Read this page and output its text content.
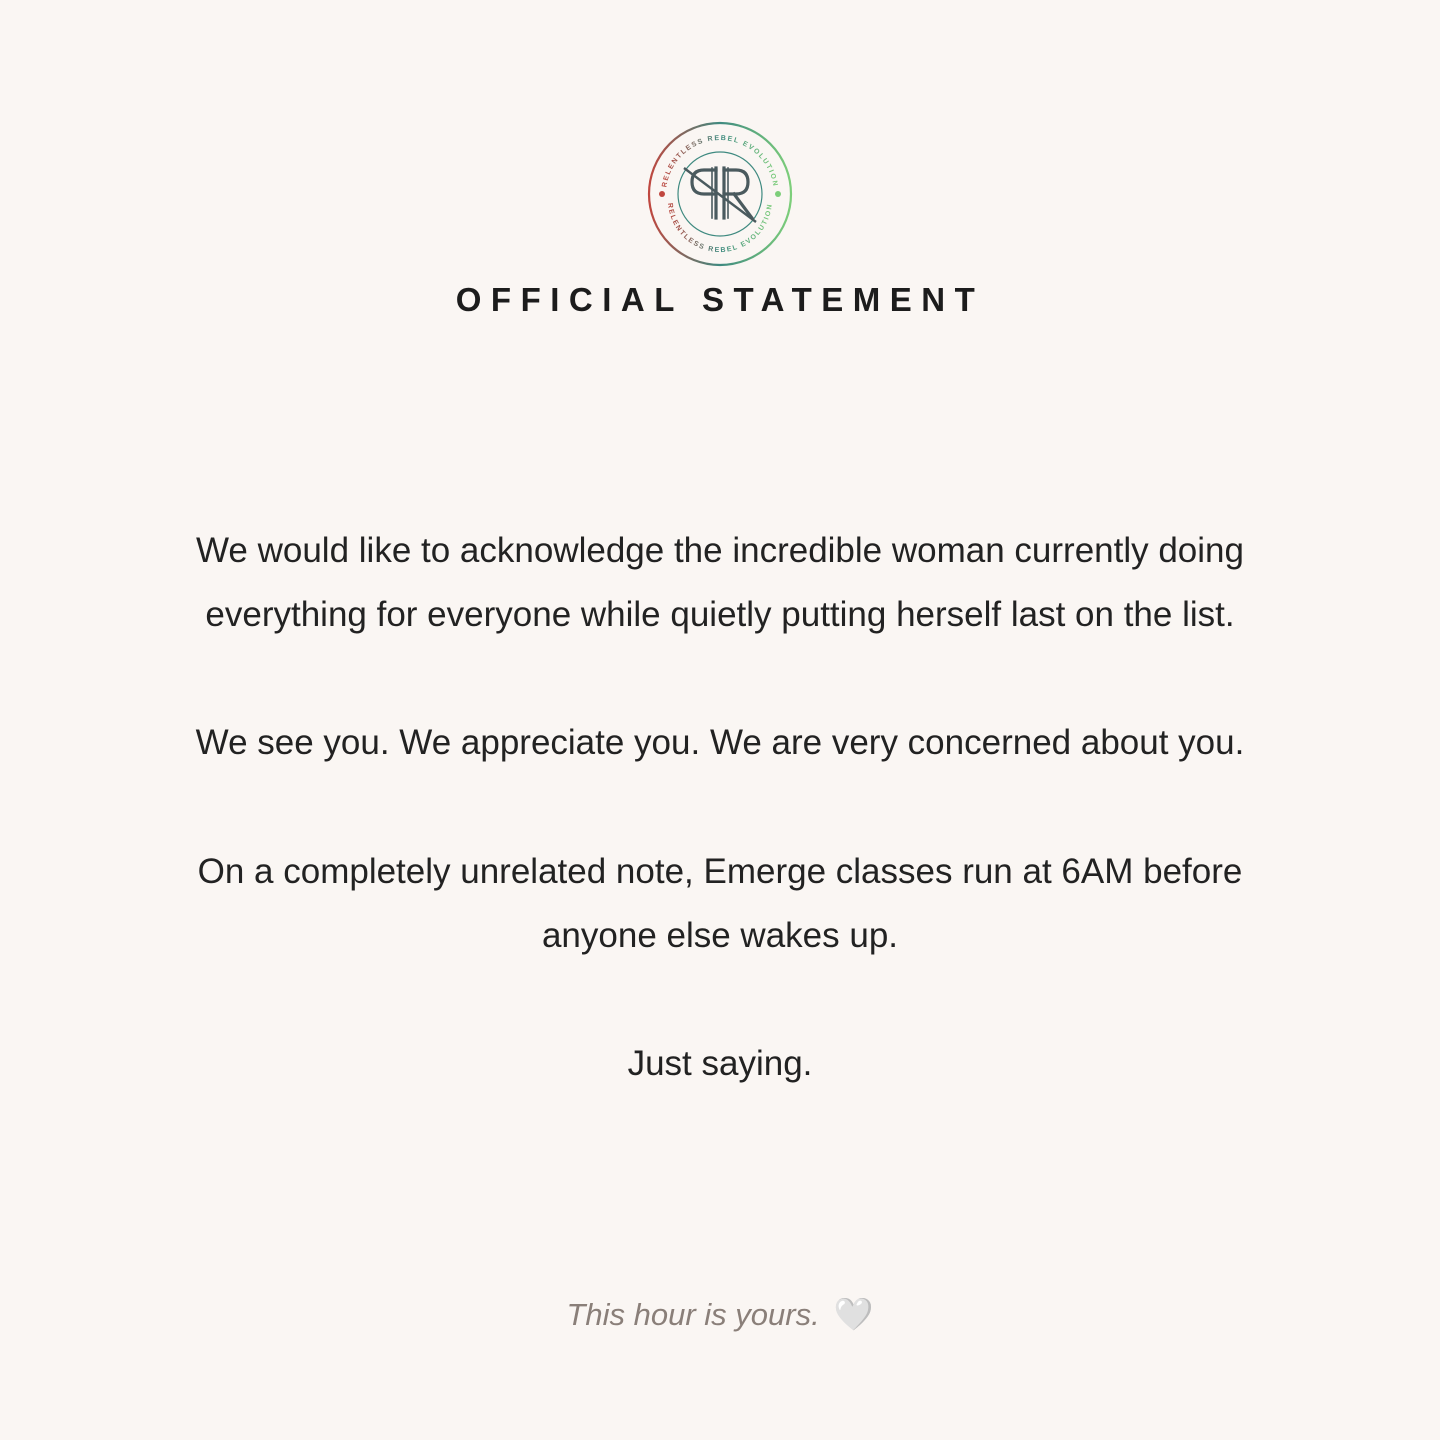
RELENTLESS REBEL EVOLUTION
RELENTLESS REBEL EVOLUTION
OFFICIAL STATEMENT
We would like to acknowledge the incredible woman currently doing everything for everyone while quietly putting herself last on the list.
We see you. We appreciate you. We are very concerned about you.
On a completely unrelated note, Emerge classes run at 6AM before anyone else wakes up.
Just saying.
This hour is yours. 🤍
